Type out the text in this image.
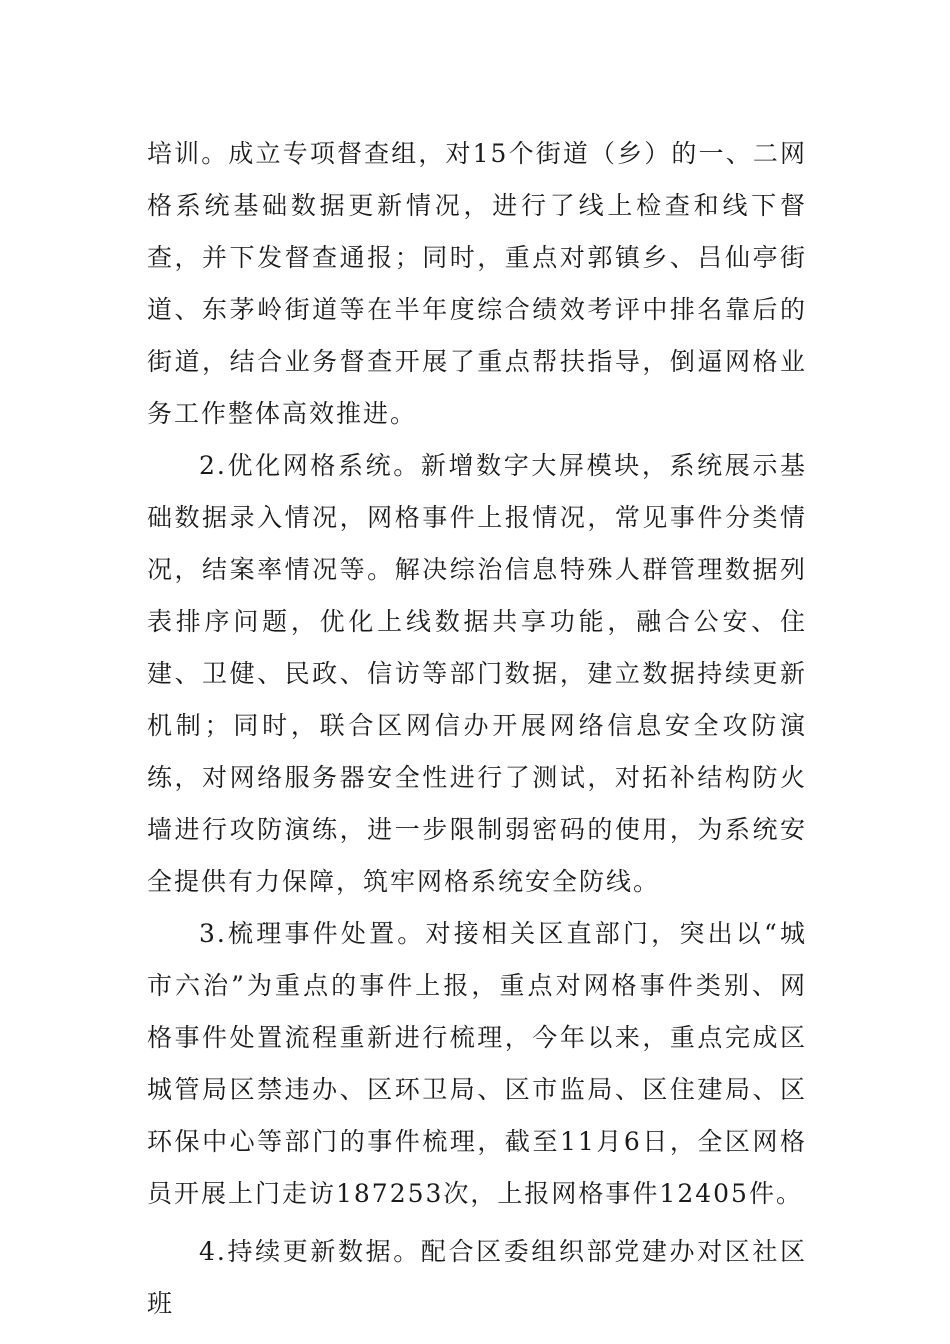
培训。成立专项督查组，对15个街道（乡）的一、二网格系统基础数据更新情况，进行了线上检查和线下督查，并下发督查通报；同时，重点对郭镇乡、吕仙亭街道、东茅岭街道等在半年度综合绩效考评中排名靠后的街道，结合业务督查开展了重点帮扶指导，倒逼网格业务工作整体高效推进。

2.优化网格系统。新增数字大屏模块，系统展示基础数据录入情况，网格事件上报情况，常见事件分类情况，结案率情况等。解决综治信息特殊人群管理数据列表排序问题，优化上线数据共享功能，融合公安、住建、卫健、民政、信访等部门数据，建立数据持续更新机制；同时，联合区网信办开展网络信息安全攻防演练，对网络服务器安全性进行了测试，对拓补结构防火墙进行攻防演练，进一步限制弱密码的使用，为系统安全提供有力保障，筑牢网格系统安全防线。

3.梳理事件处置。对接相关区直部门，突出以“城市六治”为重点的事件上报，重点对网格事件类别、网格事件处置流程重新进行梳理，今年以来，重点完成区城管局区禁违办、区环卫局、区市监局、区住建局、区环保中心等部门的事件梳理，截至11月6日，全区网格员开展上门走访187253次，上报网格事件12405件。

4.持续更新数据。配合区委组织部党建办对区社区班
